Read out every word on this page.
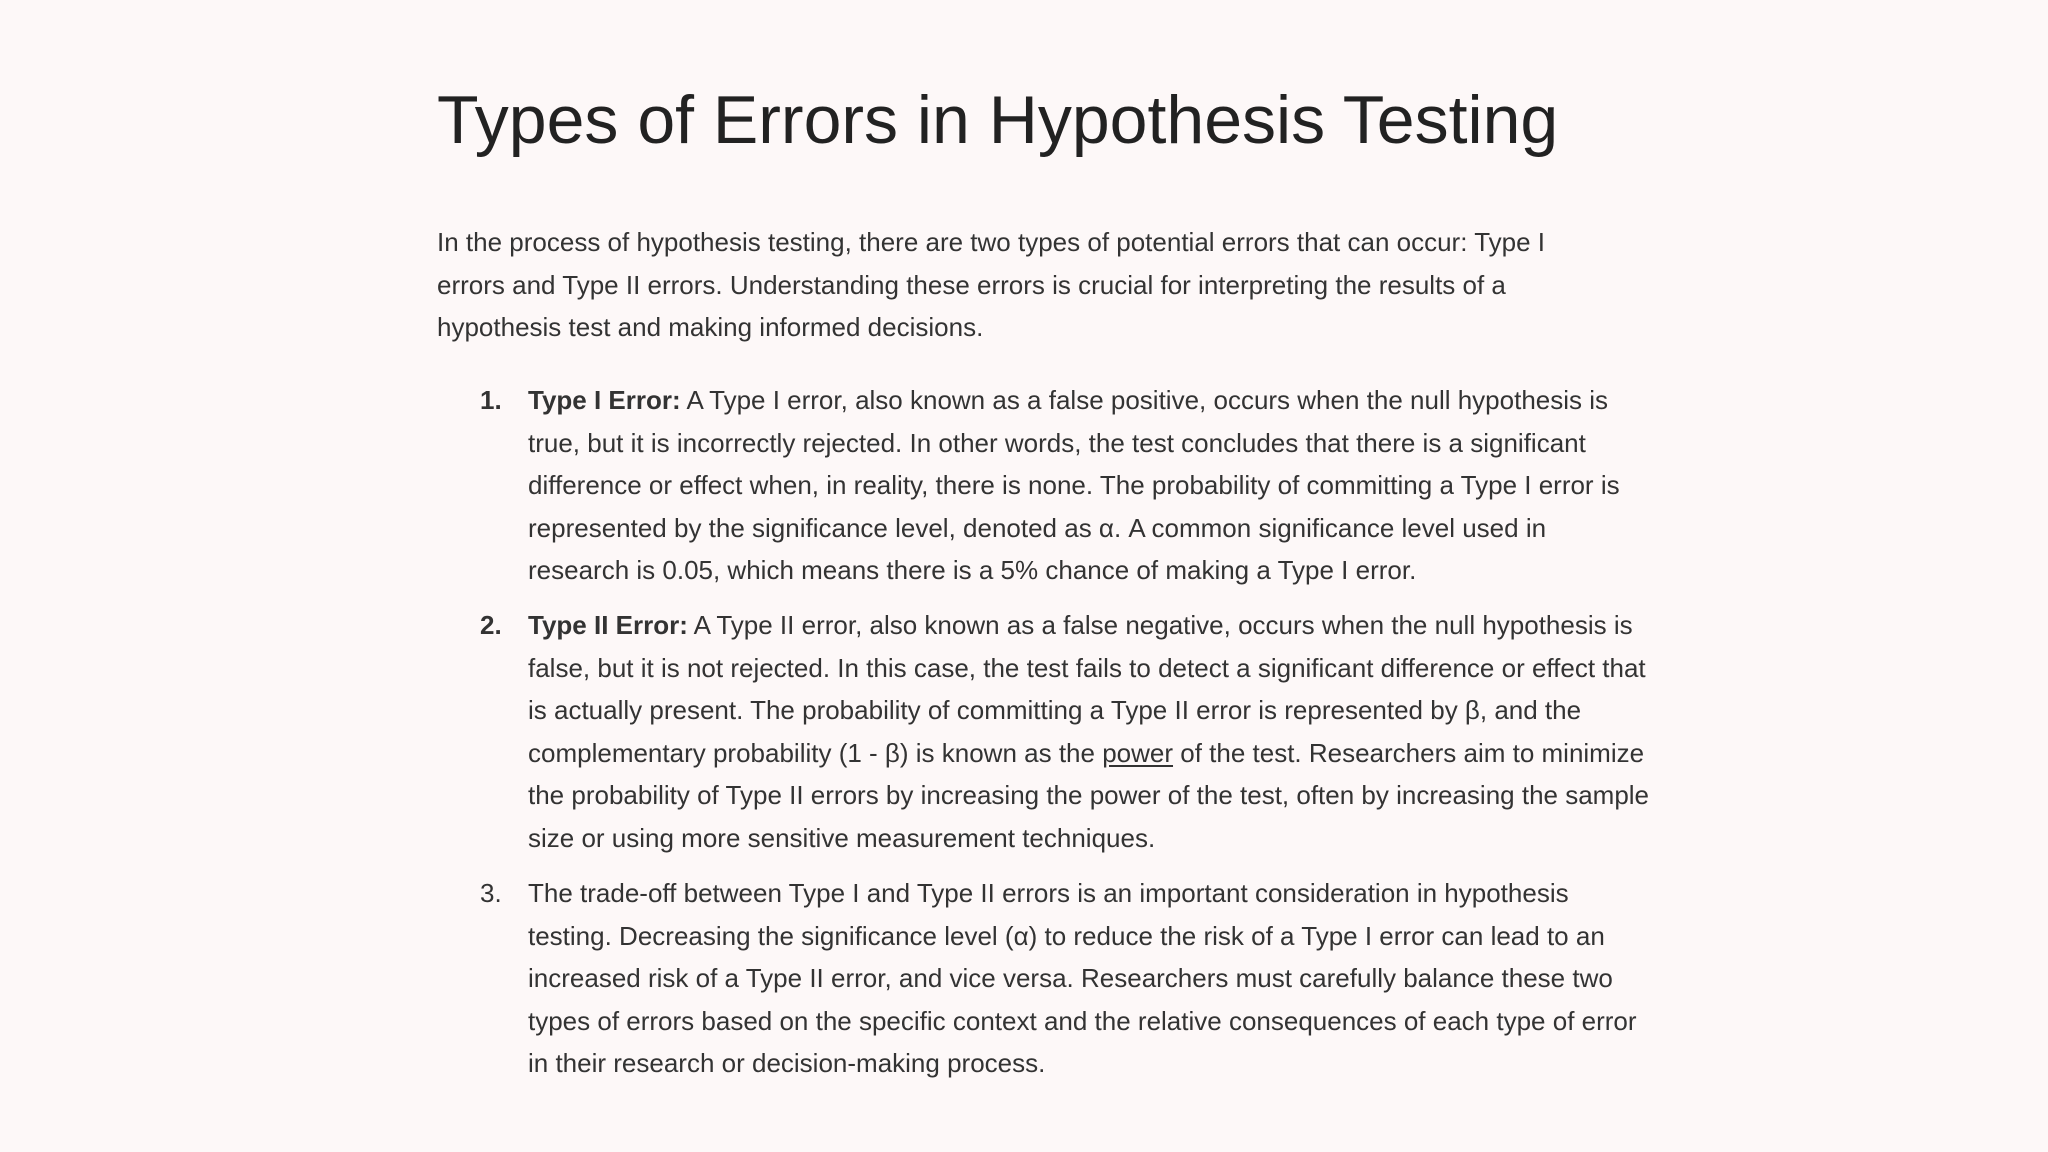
Types of Errors in Hypothesis Testing

In the process of hypothesis testing, there are two types of potential errors that can occur: Type I errors and Type II errors. Understanding these errors is crucial for interpreting the results of a hypothesis test and making informed decisions.

1. Type I Error: A Type I error, also known as a false positive, occurs when the null hypothesis is true, but it is incorrectly rejected. In other words, the test concludes that there is a significant difference or effect when, in reality, there is none. The probability of committing a Type I error is represented by the significance level, denoted as α. A common significance level used in research is 0.05, which means there is a 5% chance of making a Type I error.
2. Type II Error: A Type II error, also known as a false negative, occurs when the null hypothesis is false, but it is not rejected. In this case, the test fails to detect a significant difference or effect that is actually present. The probability of committing a Type II error is represented by β, and the complementary probability (1 - β) is known as the power of the test. Researchers aim to minimize the probability of Type II errors by increasing the power of the test, often by increasing the sample size or using more sensitive measurement techniques.
3. The trade-off between Type I and Type II errors is an important consideration in hypothesis testing. Decreasing the significance level (α) to reduce the risk of a Type I error can lead to an increased risk of a Type II error, and vice versa. Researchers must carefully balance these two types of errors based on the specific context and the relative consequences of each type of error in their research or decision-making process.
